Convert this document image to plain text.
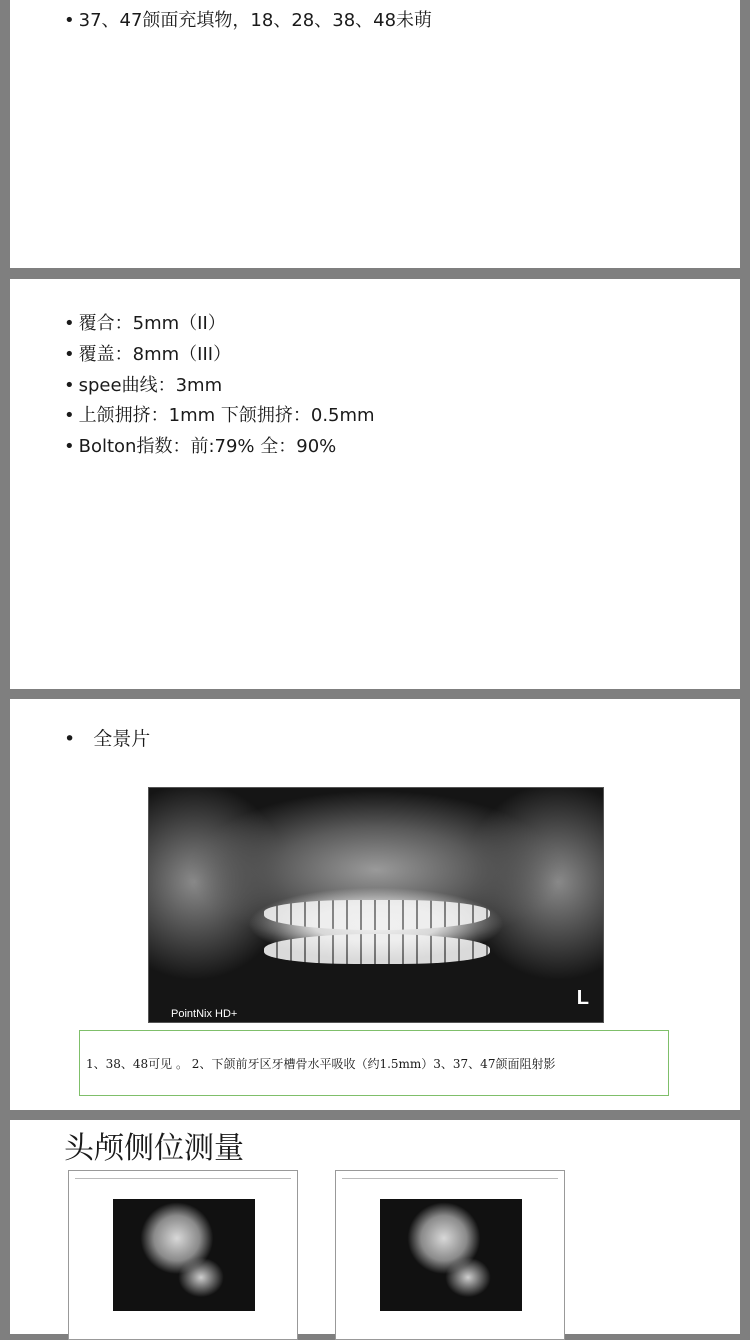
• 37、47颌面充填物，18、28、38、48未萌
• 覆合：5mm（II）
• 覆盖：8mm（III）
• spee曲线：3mm
• 上颌拥挤：1mm 下颌拥挤：0.5mm
• Bolton指数：前:79% 全：90%
• 全景片
PointNix HD+
L
1、38、48可见 。 2、下颌前牙区牙槽骨水平吸收（约1.5mm）3、37、47颌面阻射影
头颅侧位测量
